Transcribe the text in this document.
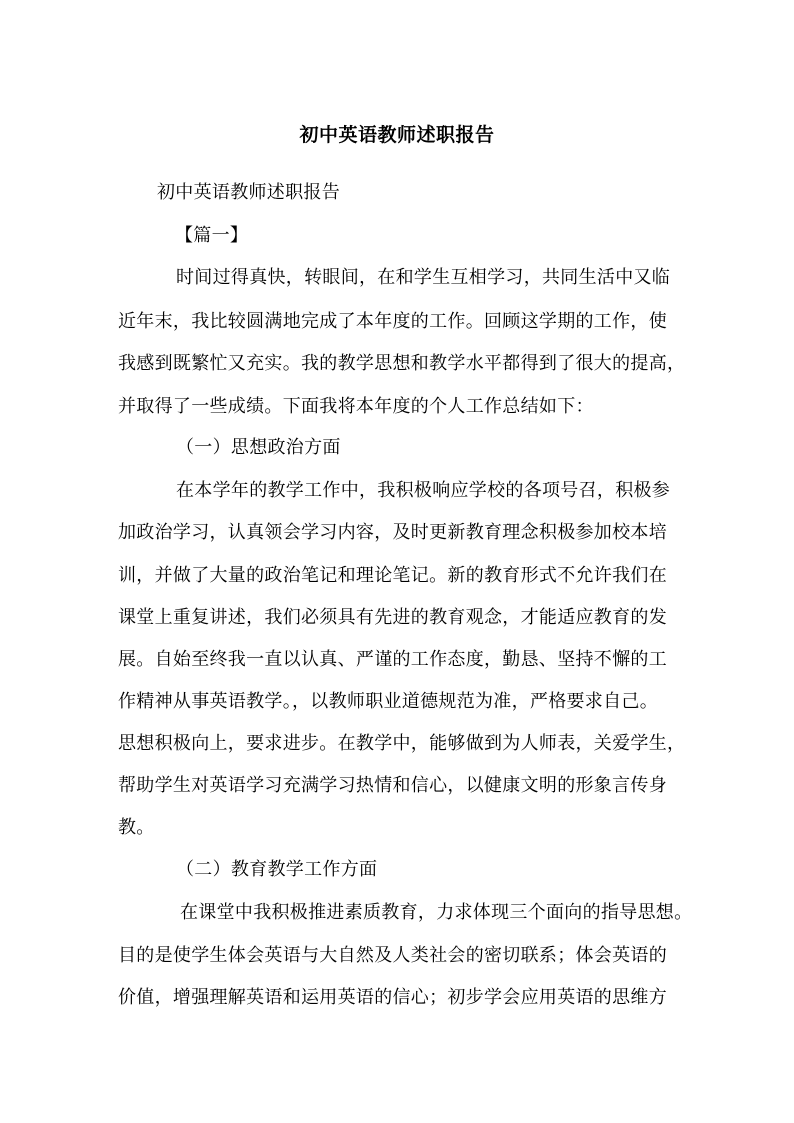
初中英语教师述职报告
初中英语教师述职报告
【篇一】
时间过得真快，转眼间，在和学生互相学习，共同生活中又临
近年末，我比较圆满地完成了本年度的工作。回顾这学期的工作，使
我感到既繁忙又充实。我的教学思想和教学水平都得到了很大的提高，
并取得了一些成绩。下面我将本年度的个人工作总结如下：
（一）思想政治方面
在本学年的教学工作中，我积极响应学校的各项号召，积极参
加政治学习，认真领会学习内容，及时更新教育理念积极参加校本培
训，并做了大量的政治笔记和理论笔记。新的教育形式不允许我们在
课堂上重复讲述，我们必须具有先进的教育观念，才能适应教育的发
展。自始至终我一直以认真、严谨的工作态度，勤恳、坚持不懈的工
作精神从事英语教学。，以教师职业道德规范为准，严格要求自己。
思想积极向上，要求进步。在教学中，能够做到为人师表，关爱学生，
帮助学生对英语学习充满学习热情和信心，以健康文明的形象言传身
教。
（二）教育教学工作方面
在课堂中我积极推进素质教育，力求体现三个面向的指导思想。
目的是使学生体会英语与大自然及人类社会的密切联系；体会英语的
价值，增强理解英语和运用英语的信心；初步学会应用英语的思维方
